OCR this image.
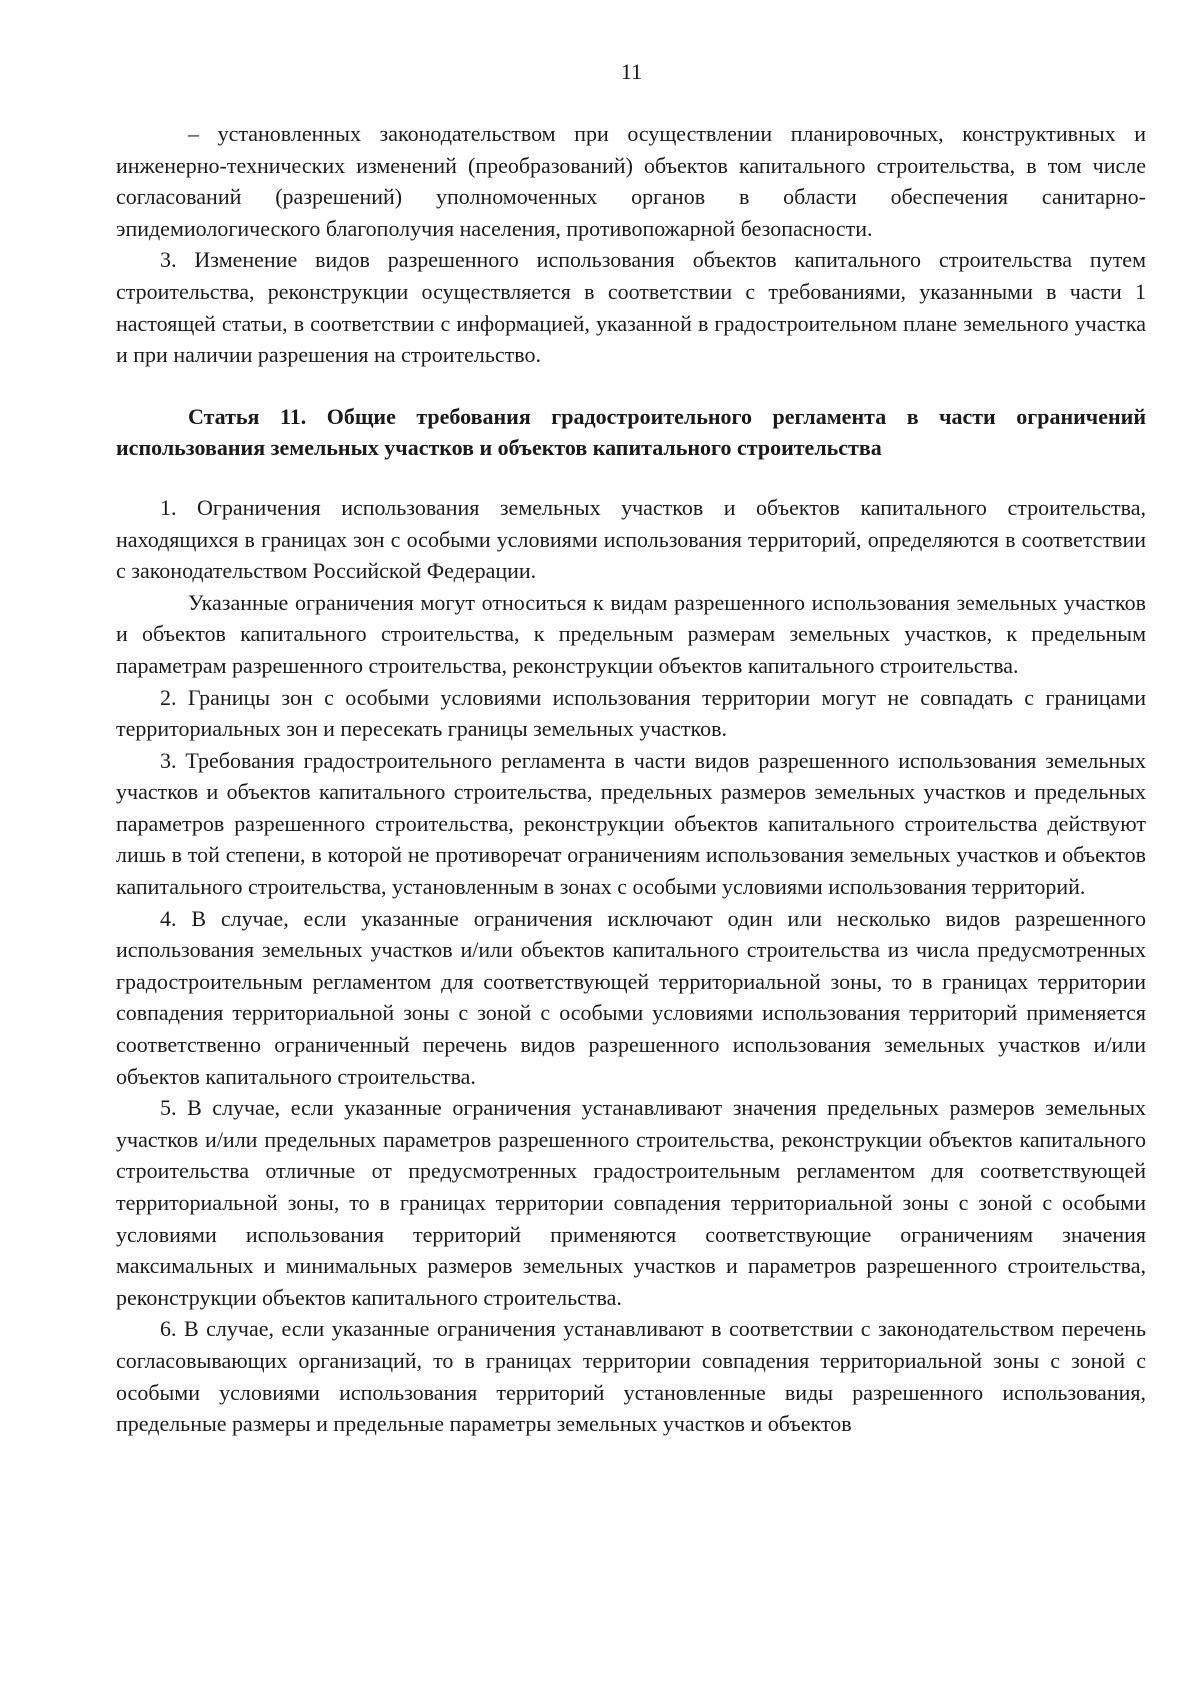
11

– установленных законодательством при осуществлении планировочных, конструктивных и инженерно-технических изменений (преобразований) объектов капитального строительства, в том числе согласований (разрешений) уполномоченных органов в области обеспечения санитарно-эпидемиологического благополучия населения, противопожарной безопасности.

3. Изменение видов разрешенного использования объектов капитального строительства путем строительства, реконструкции осуществляется в соответствии с требованиями, указанными в части 1 настоящей статьи, в соответствии с информацией, указанной в градостроительном плане земельного участка и при наличии разрешения на строительство.

Статья 11. Общие требования градостроительного регламента в части ограничений использования земельных участков и объектов капитального строительства

1. Ограничения использования земельных участков и объектов капитального строительства, находящихся в границах зон с особыми условиями использования территорий, определяются в соответствии с законодательством Российской Федерации.

Указанные ограничения могут относиться к видам разрешенного использования земельных участков и объектов капитального строительства, к предельным размерам земельных участков, к предельным параметрам разрешенного строительства, реконструкции объектов капитального строительства.

2. Границы зон с особыми условиями использования территории могут не совпадать с границами территориальных зон и пересекать границы земельных участков.

3. Требования градостроительного регламента в части видов разрешенного использования земельных участков и объектов капитального строительства, предельных размеров земельных участков и предельных параметров разрешенного строительства, реконструкции объектов капитального строительства действуют лишь в той степени, в которой не противоречат ограничениям использования земельных участков и объектов капитального строительства, установленным в зонах с особыми условиями использования территорий.

4. В случае, если указанные ограничения исключают один или несколько видов разрешенного использования земельных участков и/или объектов капитального строительства из числа предусмотренных градостроительным регламентом для соответствующей территориальной зоны, то в границах территории совпадения территориальной зоны с зоной с особыми условиями использования территорий применяется соответственно ограниченный перечень видов разрешенного использования земельных участков и/или объектов капитального строительства.

5. В случае, если указанные ограничения устанавливают значения предельных размеров земельных участков и/или предельных параметров разрешенного строительства, реконструкции объектов капитального строительства отличные от предусмотренных градостроительным регламентом для соответствующей территориальной зоны, то в границах территории совпадения территориальной зоны с зоной с особыми условиями использования территорий применяются соответствующие ограничениям значения максимальных и минимальных размеров земельных участков и параметров разрешенного строительства, реконструкции объектов капитального строительства.

6. В случае, если указанные ограничения устанавливают в соответствии с законодательством перечень согласовывающих организаций, то в границах территории совпадения территориальной зоны с зоной с особыми условиями использования территорий установленные виды разрешенного использования, предельные размеры и предельные параметры земельных участков и объектов
